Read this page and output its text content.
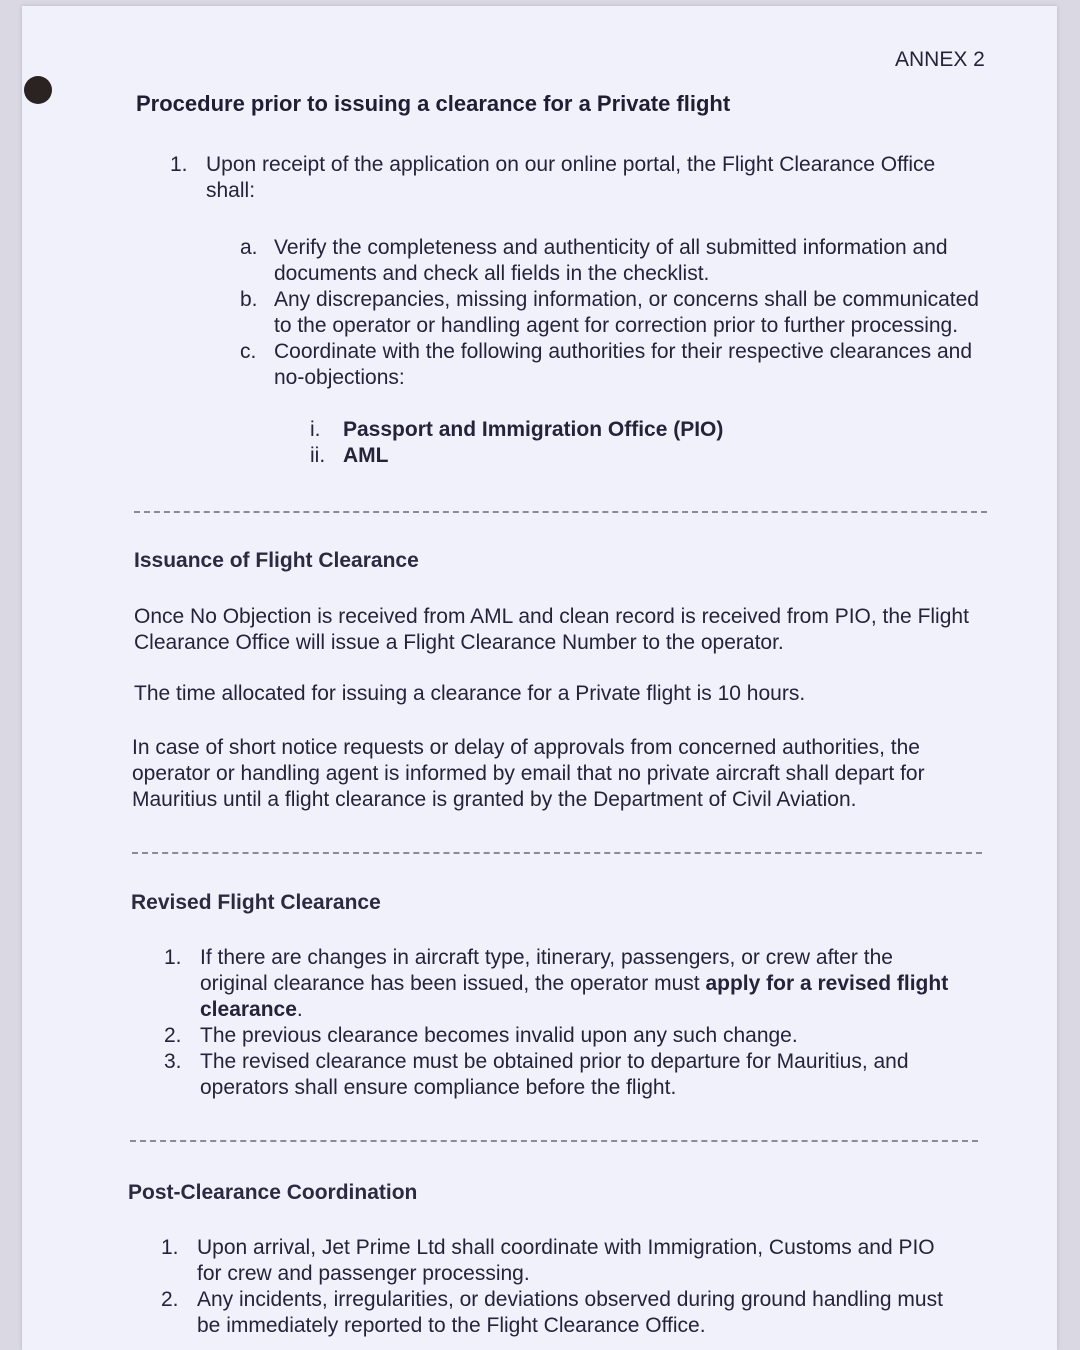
ANNEX 2
Procedure prior to issuing a clearance for a Private flight
1. Upon receipt of the application on our online portal, the Flight Clearance Office shall:
a. Verify the completeness and authenticity of all submitted information and documents and check all fields in the checklist.
b. Any discrepancies, missing information, or concerns shall be communicated to the operator or handling agent for correction prior to further processing.
c. Coordinate with the following authorities for their respective clearances and no-objections:
i. Passport and Immigration Office (PIO)
ii. AML
Issuance of Flight Clearance
Once No Objection is received from AML and clean record is received from PIO, the Flight Clearance Office will issue a Flight Clearance Number to the operator.
The time allocated for issuing a clearance for a Private flight is 10 hours.
In case of short notice requests or delay of approvals from concerned authorities, the operator or handling agent is informed by email that no private aircraft shall depart for Mauritius until a flight clearance is granted by the Department of Civil Aviation.
Revised Flight Clearance
1. If there are changes in aircraft type, itinerary, passengers, or crew after the original clearance has been issued, the operator must apply for a revised flight clearance.
2. The previous clearance becomes invalid upon any such change.
3. The revised clearance must be obtained prior to departure for Mauritius, and operators shall ensure compliance before the flight.
Post-Clearance Coordination
1. Upon arrival, Jet Prime Ltd shall coordinate with Immigration, Customs and PIO for crew and passenger processing.
2. Any incidents, irregularities, or deviations observed during ground handling must be immediately reported to the Flight Clearance Office.
